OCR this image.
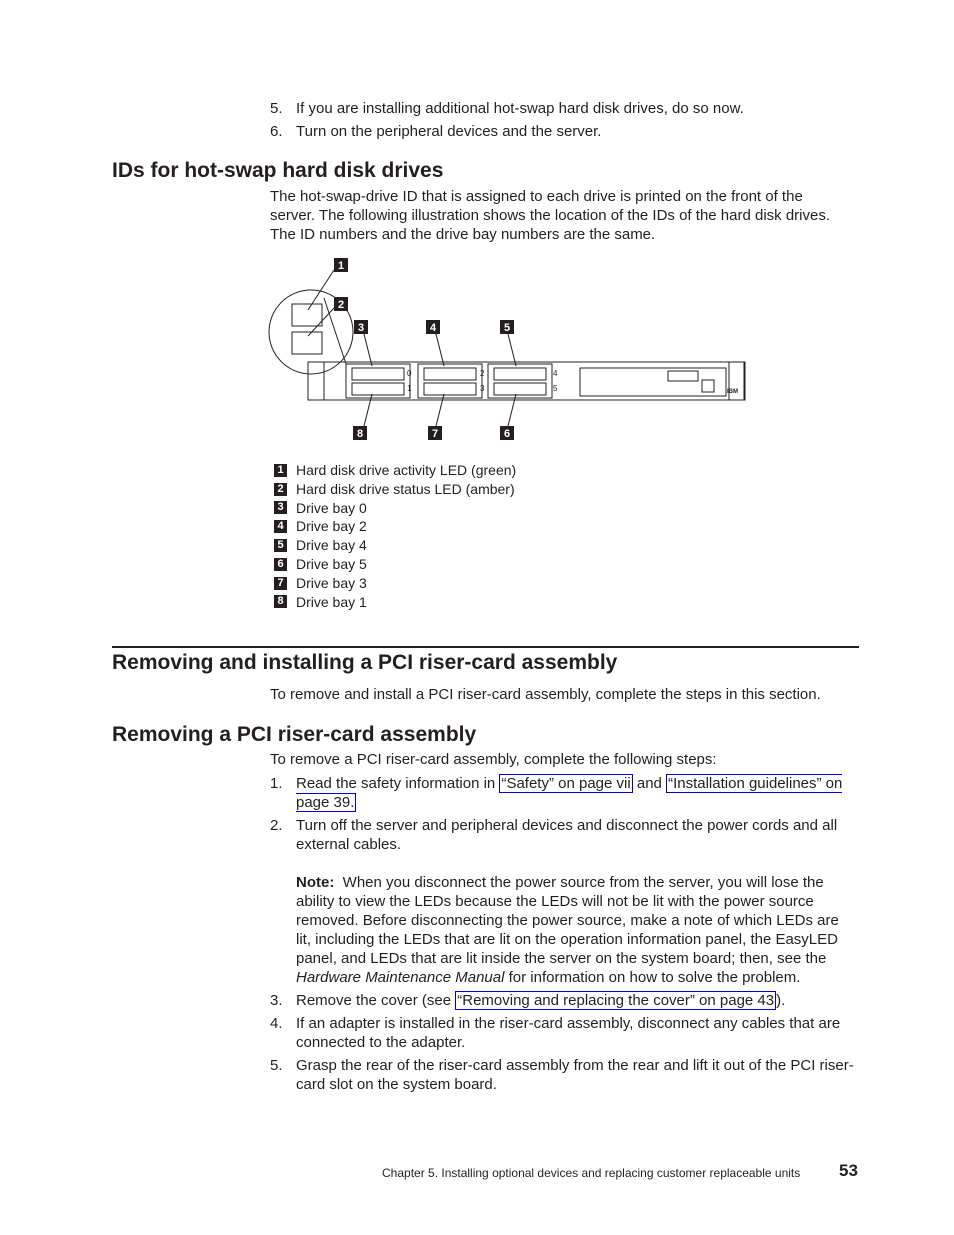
5. If you are installing additional hot-swap hard disk drives, do so now.
6. Turn on the peripheral devices and the server.
IDs for hot-swap hard disk drives
The hot-swap-drive ID that is assigned to each drive is printed on the front of the server. The following illustration shows the location of the IDs of the hard disk drives. The ID numbers and the drive bay numbers are the same.
1
2
3	4	5
6
7
8
0
1
2
3
4
5	IBM
1 Hard disk drive activity LED (green)
2 Hard disk drive status LED (amber)
3 Drive bay 0
4 Drive bay 2
5 Drive bay 4
6 Drive bay 5
7 Drive bay 3
8 Drive bay 1
Removing and installing a PCI riser-card assembly
To remove and install a PCI riser-card assembly, complete the steps in this section.
Removing a PCI riser-card assembly
To remove a PCI riser-card assembly, complete the following steps:
1. Read the safety information in “Safety” on page vii and “Installation guidelines” on page 39.
2. Turn off the server and peripheral devices and disconnect the power cords and all external cables.
Note: When you disconnect the power source from the server, you will lose the ability to view the LEDs because the LEDs will not be lit with the power source removed. Before disconnecting the power source, make a note of which LEDs are lit, including the LEDs that are lit on the operation information panel, the EasyLED panel, and LEDs that are lit inside the server on the system board; then, see the Hardware Maintenance Manual for information on how to solve the problem.
3. Remove the cover (see “Removing and replacing the cover” on page 43 ).
4. If an adapter is installed in the riser-card assembly, disconnect any cables that are connected to the adapter.
5. Grasp the rear of the riser-card assembly from the rear and lift it out of the PCI riser-card slot on the system board.
Chapter 5. Installing optional devices and replacing customer replaceable units 53
